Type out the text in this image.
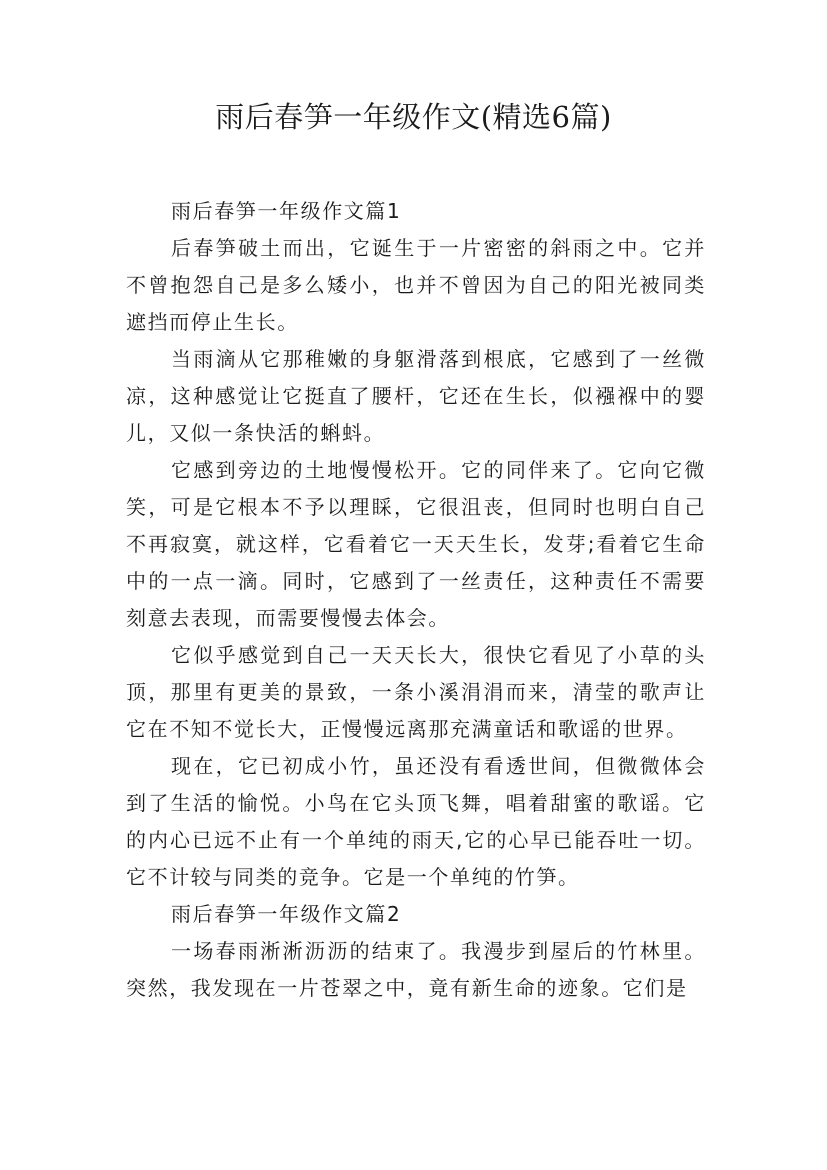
雨后春笋一年级作文(精选6篇)

雨后春笋一年级作文篇1

后春笋破土而出，它诞生于一片密密的斜雨之中。它并不曾抱怨自己是多么矮小，也并不曾因为自己的阳光被同类遮挡而停止生长。

当雨滴从它那稚嫩的身躯滑落到根底，它感到了一丝微凉，这种感觉让它挺直了腰杆，它还在生长，似襁褓中的婴儿，又似一条快活的蝌蚪。

它感到旁边的土地慢慢松开。它的同伴来了。它向它微笑，可是它根本不予以理睬，它很沮丧，但同时也明白自己不再寂寞，就这样，它看着它一天天生长，发芽;看着它生命中的一点一滴。同时，它感到了一丝责任，这种责任不需要刻意去表现，而需要慢慢去体会。

它似乎感觉到自己一天天长大，很快它看见了小草的头顶，那里有更美的景致，一条小溪涓涓而来，清莹的歌声让它在不知不觉长大，正慢慢远离那充满童话和歌谣的世界。

现在，它已初成小竹，虽还没有看透世间，但微微体会到了生活的愉悦。小鸟在它头顶飞舞，唱着甜蜜的歌谣。它的内心已远不止有一个单纯的雨天,它的心早已能吞吐一切。它不计较与同类的竞争。它是一个单纯的竹笋。

雨后春笋一年级作文篇2

一场春雨淅淅沥沥的结束了。我漫步到屋后的竹林里。突然，我发现在一片苍翠之中，竟有新生命的迹象。它们是
